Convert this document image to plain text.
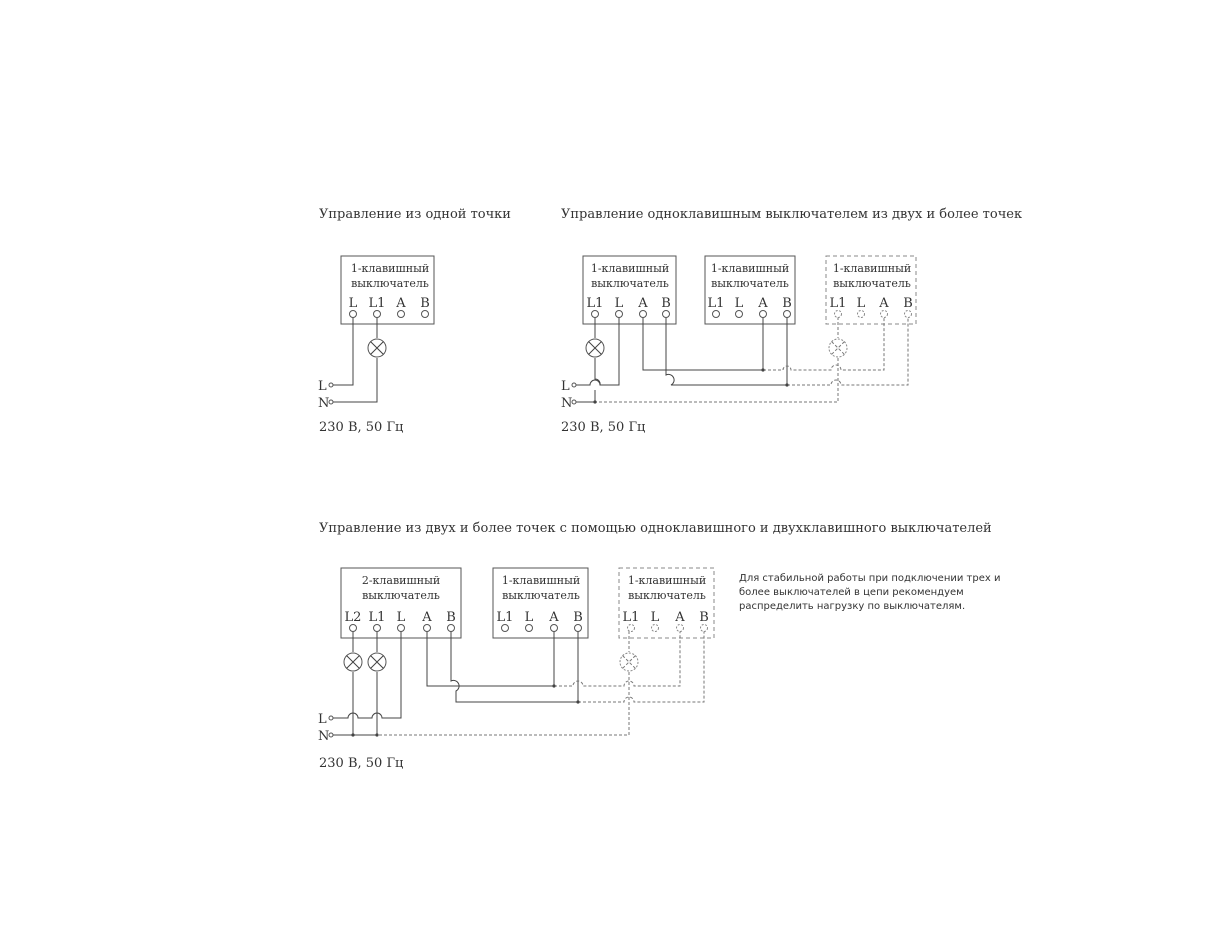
Управление из одной точки
1-клавишный
выключатель
L L1 A B
L
N
230 В, 50 Гц
Управление одноклавишным выключателем из двух и более точек
1-клавишный
выключатель
L1 L A B
1-клавишный
выключатель
L1 L A B
1-клавишный
выключатель
L1 L A B
L
N
230 В, 50 Гц
Управление из двух и более точек с помощью одноклавишного и двухклавишного выключателей
2-клавишный
выключатель
L2 L1 L A B
1-клавишный
выключатель
L1 L A B
1-клавишный
выключатель
L1 L A B
L
N
230 В, 50 Гц
Для стабильной работы при подключении трех и
более выключателей в цепи рекомендуем
распределить нагрузку по выключателям.
